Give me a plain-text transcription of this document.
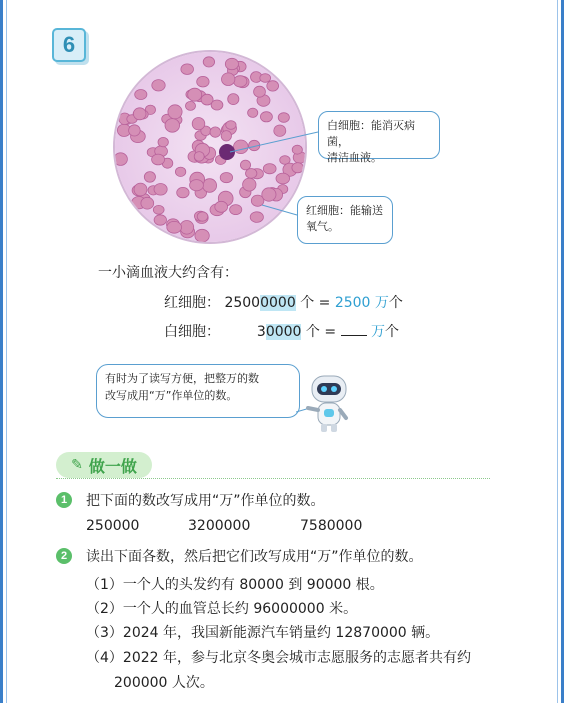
6
白细胞：能消灭病菌，
清洁血液。
红细胞：能输送
氧气。
一小滴血液大约含有：
红细胞： 25000000 个 = 2500 万个
白细胞：	30000 个 =  万个
有时为了读写方便，把整万的数
改写成用“万”作单位的数。
✎ 做一做
1	把下面的数改写成用“万”作单位的数。
250000	3200000	7580000
2	读出下面各数，然后把它们改写成用“万”作单位的数。
（1）一个人的头发约有 80000 到 90000 根。
（2）一个人的血管总长约 96000000 米。
（3）2024 年，我国新能源汽车销量约 12870000 辆。
（4）2022 年，参与北京冬奥会城市志愿服务的志愿者共有约
200000 人次。
